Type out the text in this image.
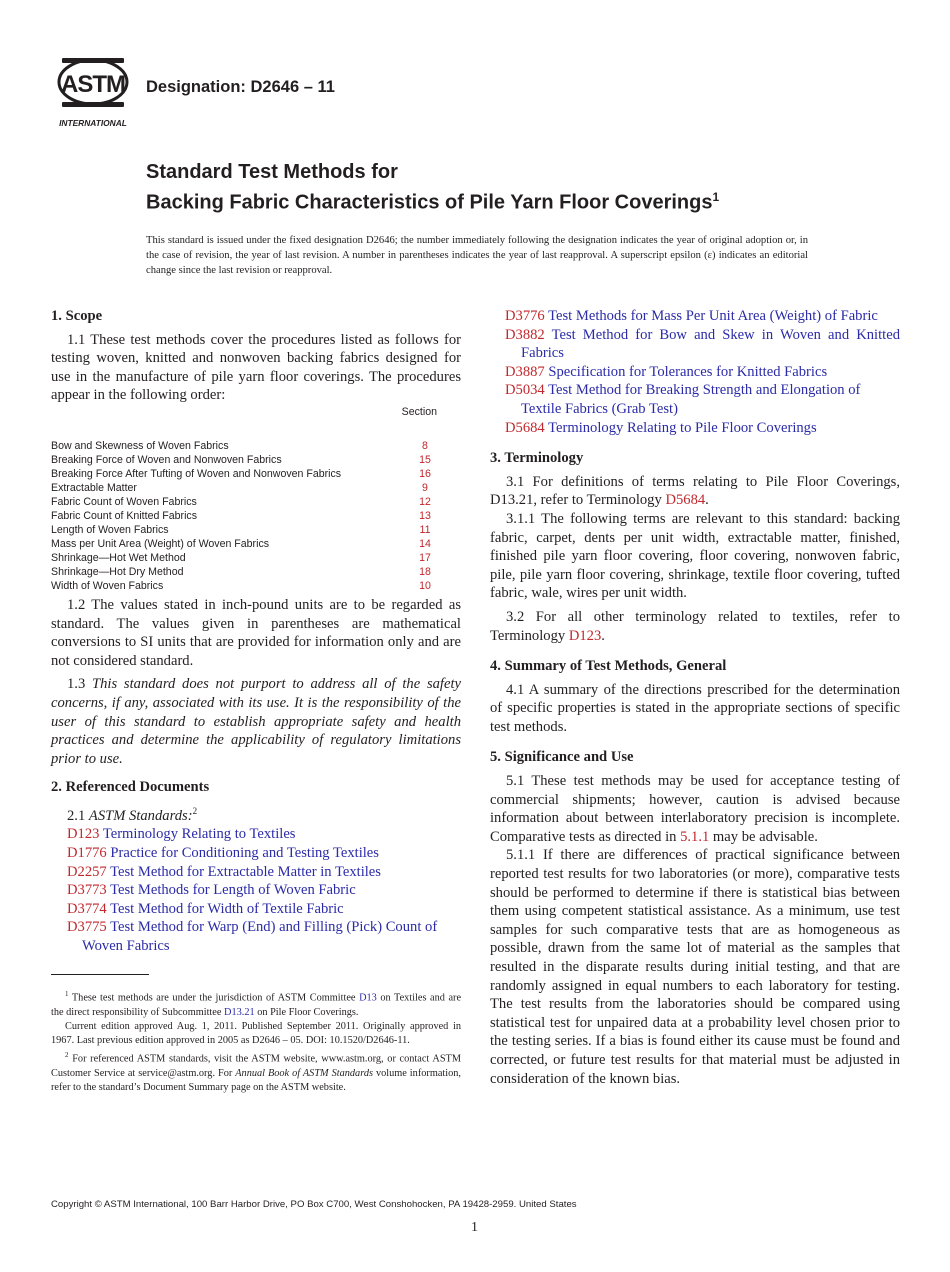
ASTM
INTERNATIONAL
Designation: D2646 – 11
Standard Test Methods for
Backing Fabric Characteristics of Pile Yarn Floor Coverings$^1$
This standard is issued under the fixed designation D2646; the number immediately following the designation indicates the year of original adoption or, in the case of revision, the year of last revision. A number in parentheses indicates the year of last reapproval. A superscript epsilon (ε) indicates an editorial change since the last revision or reapproval.
1. Scope

1.1 These test methods cover the procedures listed as follows for testing woven, knitted and nonwoven backing fabrics designed for use in the manufacture of pile yarn floor coverings. The procedures appear in the following order:

Section
Bow and Skewness of Woven Fabrics	8
Breaking Force of Woven and Nonwoven Fabrics	15
Breaking Force After Tufting of Woven and Nonwoven Fabrics	16
Extractable Matter	9
Fabric Count of Woven Fabrics	12
Fabric Count of Knitted Fabrics	13
Length of Woven Fabrics	11
Mass per Unit Area (Weight) of Woven Fabrics	14
Shrinkage—Hot Wet Method	17
Shrinkage—Hot Dry Method	18
Width of Woven Fabrics	10

1.2 The values stated in inch-pound units are to be regarded as standard. The values given in parentheses are mathematical conversions to SI units that are provided for information only and are not considered standard.

1.3 This standard does not purport to address all of the safety concerns, if any, associated with its use. It is the responsibility of the user of this standard to establish appropriate safety and health practices and determine the applicability of regulatory limitations prior to use.

2. Referenced Documents

2.1 ASTM Standards:$^2$

D123 Terminology Relating to Textiles
D1776 Practice for Conditioning and Testing Textiles
D2257 Test Method for Extractable Matter in Textiles
D3773 Test Methods for Length of Woven Fabric
D3774 Test Method for Width of Textile Fabric
D3775 Test Method for Warp (End) and Filling (Pick) Count of Woven Fabrics

$^1$ These test methods are under the jurisdiction of ASTM Committee D13 on Textiles and are the direct responsibility of Subcommittee D13.21 on Pile Floor Coverings.

Current edition approved Aug. 1, 2011. Published September 2011. Originally approved in 1967. Last previous edition approved in 2005 as D2646 – 05. DOI: 10.1520/D2646-11.

$^2$ For referenced ASTM standards, visit the ASTM website, www.astm.org, or contact ASTM Customer Service at service@astm.org. For Annual Book of ASTM Standards volume information, refer to the standard’s Document Summary page on the ASTM website.

D3776 Test Methods for Mass Per Unit Area (Weight) of Fabric
D3882 Test Method for Bow and Skew in Woven and Knitted Fabrics
D3887 Specification for Tolerances for Knitted Fabrics
D5034 Test Method for Breaking Strength and Elongation of Textile Fabrics (Grab Test)
D5684 Terminology Relating to Pile Floor Coverings
3. Terminology

3.1 For definitions of terms relating to Pile Floor Coverings, D13.21, refer to Terminology D5684.

3.1.1 The following terms are relevant to this standard: backing fabric, carpet, dents per unit width, extractable matter, finished, finished pile yarn floor covering, floor covering, nonwoven fabric, pile, pile yarn floor covering, shrinkage, textile floor covering, tufted fabric, wale, wires per unit width.

3.2 For all other terminology related to textiles, refer to Terminology D123.

4. Summary of Test Methods, General

4.1 A summary of the directions prescribed for the determination of specific properties is stated in the appropriate sections of specific test methods.

5. Significance and Use

5.1 These test methods may be used for acceptance testing of commercial shipments; however, caution is advised because information about between interlaboratory precision is incomplete. Comparative tests as directed in 5.1.1 may be advisable.

5.1.1 If there are differences of practical significance between reported test results for two laboratories (or more), comparative tests should be performed to determine if there is statistical bias between them using competent statistical assistance. As a minimum, use test samples for such comparative tests that are as homogeneous as possible, drawn from the same lot of material as the samples that resulted in the disparate results during initial testing, and that are randomly assigned in equal numbers to each laboratory for testing. The test results from the laboratories should be compared using statistical test for unpaired data at a probability level chosen prior to the testing series. If a bias is found either its cause must be found and corrected, or future test results for that material must be adjusted in consideration of the known bias.

Copyright © ASTM International, 100 Barr Harbor Drive, PO Box C700, West Conshohocken, PA 19428-2959. United States
1
